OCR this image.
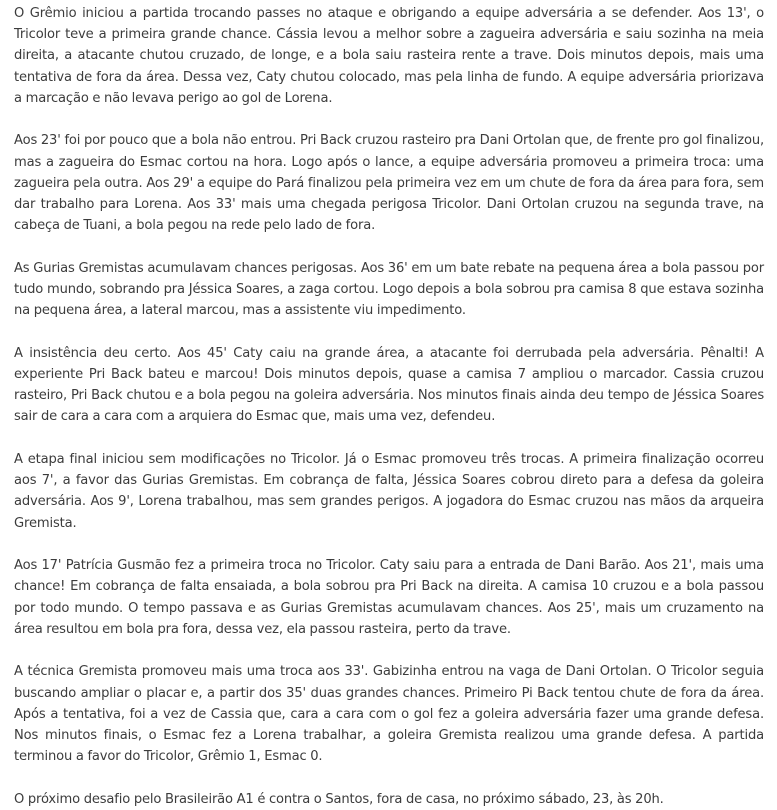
O Grêmio iniciou a partida trocando passes no ataque e obrigando a equipe adversária a se defender. Aos 13', o Tricolor teve a primeira grande chance. Cássia levou a melhor sobre a zagueira adversária e saiu sozinha na meia direita, a atacante chutou cruzado, de longe, e a bola saiu rasteira rente a trave. Dois minutos depois, mais uma tentativa de fora da área. Dessa vez, Caty chutou colocado, mas pela linha de fundo. A equipe adversária priorizava a marcação e não levava perigo ao gol de Lorena.

Aos 23' foi por pouco que a bola não entrou. Pri Back cruzou rasteiro pra Dani Ortolan que, de frente pro gol finalizou, mas a zagueira do Esmac cortou na hora. Logo após o lance, a equipe adversária promoveu a primeira troca: uma zagueira pela outra. Aos 29' a equipe do Pará finalizou pela primeira vez em um chute de fora da área para fora, sem dar trabalho para Lorena. Aos 33' mais uma chegada perigosa Tricolor. Dani Ortolan cruzou na segunda trave, na cabeça de Tuani, a bola pegou na rede pelo lado de fora.

As Gurias Gremistas acumulavam chances perigosas. Aos 36' em um bate rebate na pequena área a bola passou por tudo mundo, sobrando pra Jéssica Soares, a zaga cortou. Logo depois a bola sobrou pra camisa 8 que estava sozinha na pequena área, a lateral marcou, mas a assistente viu impedimento.

A insistência deu certo. Aos 45' Caty caiu na grande área, a atacante foi derrubada pela adversária. Pênalti! A experiente Pri Back bateu e marcou! Dois minutos depois, quase a camisa 7 ampliou o marcador. Cassia cruzou rasteiro, Pri Back chutou e a bola pegou na goleira adversária. Nos minutos finais ainda deu tempo de Jéssica Soares sair de cara a cara com a arquiera do Esmac que, mais uma vez, defendeu.

A etapa final iniciou sem modificações no Tricolor. Já o Esmac promoveu três trocas. A primeira finalização ocorreu aos 7', a favor das Gurias Gremistas. Em cobrança de falta, Jéssica Soares cobrou direto para a defesa da goleira adversária. Aos 9', Lorena trabalhou, mas sem grandes perigos. A jogadora do Esmac cruzou nas mãos da arqueira Gremista.

Aos 17' Patrícia Gusmão fez a primeira troca no Tricolor. Caty saiu para a entrada de Dani Barão. Aos 21', mais uma chance! Em cobrança de falta ensaiada, a bola sobrou pra Pri Back na direita. A camisa 10 cruzou e a bola passou por todo mundo. O tempo passava e as Gurias Gremistas acumulavam chances. Aos 25', mais um cruzamento na área resultou em bola pra fora, dessa vez, ela passou rasteira, perto da trave.

A técnica Gremista promoveu mais uma troca aos 33'. Gabizinha entrou na vaga de Dani Ortolan. O Tricolor seguia buscando ampliar o placar e, a partir dos 35' duas grandes chances. Primeiro Pi Back tentou chute de fora da área. Após a tentativa, foi a vez de Cassia que, cara a cara com o gol fez a goleira adversária fazer uma grande defesa. Nos minutos finais, o Esmac fez a Lorena trabalhar, a goleira Gremista realizou uma grande defesa. A partida terminou a favor do Tricolor, Grêmio 1, Esmac 0.

O próximo desafio pelo Brasileirão A1 é contra o Santos, fora de casa, no próximo sábado, 23, às 20h.
